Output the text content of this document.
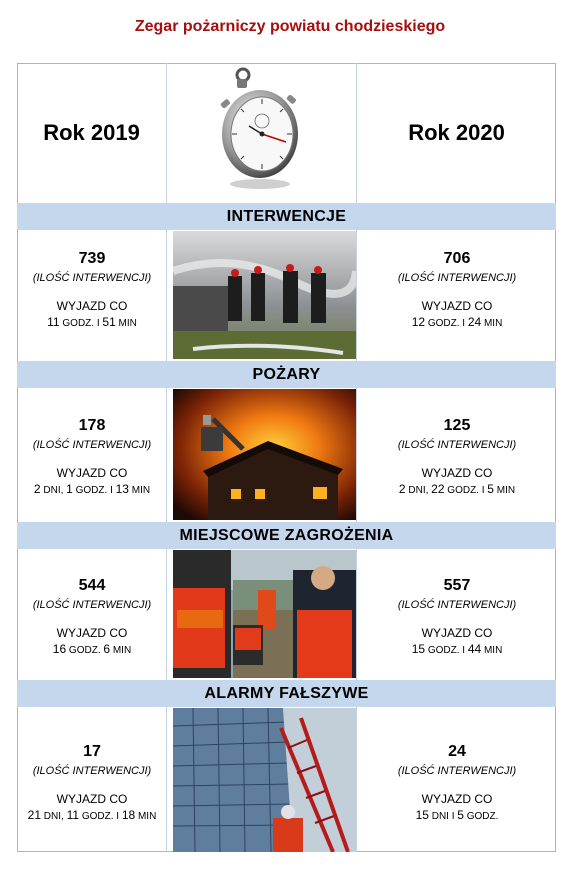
Zegar pożarniczy powiatu chodzieskiego
Rok 2019	Rok 2020
INTERWENCJE
POŻARY
MIEJSCOWE ZAGROŻENIA
ALARMY FAŁSZYWE
739
(ILOŚĆ INTERWENCJI)
WYJAZD CO
11 GODZ. I 51 MIN
706
(ILOŚĆ INTERWENCJI)
WYJAZD CO
12 GODZ. I 24 MIN
178
(ILOŚĆ INTERWENCJI)
WYJAZD CO
2 DNI, 1 GODZ. I 13 MIN
125
(ILOŚĆ INTERWENCJI)
WYJAZD CO
2 DNI, 22 GODZ. I 5 MIN
544
(ILOŚĆ INTERWENCJI)
WYJAZD CO
16 GODZ. 6 MIN
557
(ILOŚĆ INTERWENCJI)
WYJAZD CO
15 GODZ. I 44 MIN
17
(ILOŚĆ INTERWENCJI)
WYJAZD CO
21 DNI, 11 GODZ. I 18 MIN
24
(ILOŚĆ INTERWENCJI)
WYJAZD CO
15 DNI I 5 GODZ.
